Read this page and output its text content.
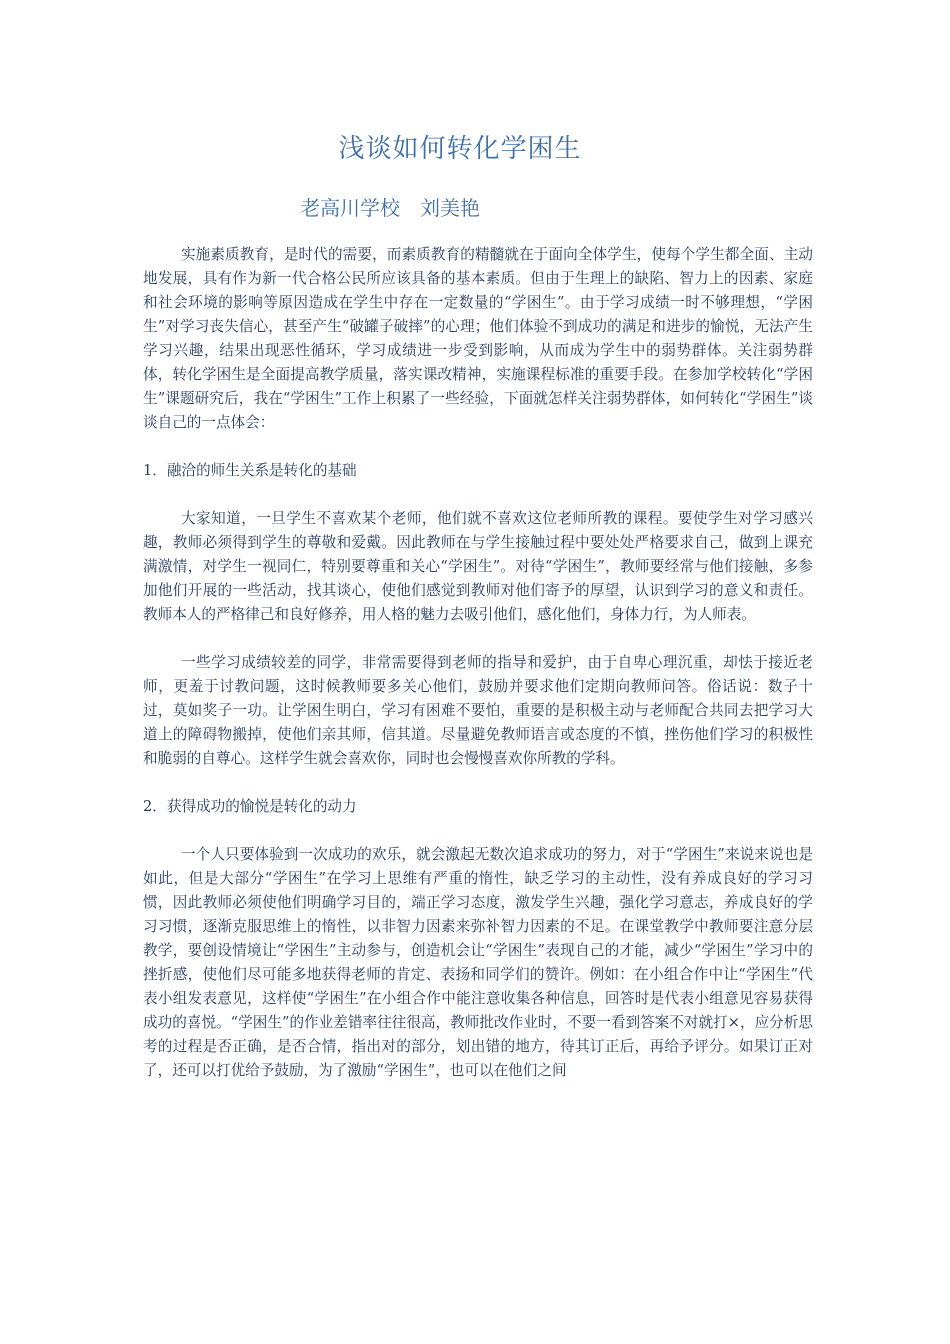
浅谈如何转化学困生
老高川学校　刘美艳

实施素质教育，是时代的需要，而素质教育的精髓就在于面向全体学生，使每个学生都全面、主动地发展，具有作为新一代合格公民所应该具备的基本素质。但由于生理上的缺陷、智力上的因素、家庭和社会环境的影响等原因造成在学生中存在一定数量的“学困生”。由于学习成绩一时不够理想，“学困生”对学习丧失信心，甚至产生“破罐子破摔”的心理；他们体验不到成功的满足和进步的愉悦，无法产生学习兴趣，结果出现恶性循环，学习成绩进一步受到影响，从而成为学生中的弱势群体。关注弱势群体，转化学困生是全面提高教学质量，落实课改精神，实施课程标准的重要手段。在参加学校转化“学困生”课题研究后，我在“学困生”工作上积累了一些经验，下面就怎样关注弱势群体，如何转化“学困生”谈谈自己的一点体会：

1．融洽的师生关系是转化的基础

大家知道，一旦学生不喜欢某个老师，他们就不喜欢这位老师所教的课程。要使学生对学习感兴趣，教师必须得到学生的尊敬和爱戴。因此教师在与学生接触过程中要处处严格要求自己，做到上课充满激情，对学生一视同仁，特别要尊重和关心“学困生”。对待“学困生”，教师要经常与他们接触，多参加他们开展的一些活动，找其谈心，使他们感觉到教师对他们寄予的厚望，认识到学习的意义和责任。教师本人的严格律己和良好修养，用人格的魅力去吸引他们，感化他们，身体力行，为人师表。

一些学习成绩较差的同学，非常需要得到老师的指导和爱护，由于自卑心理沉重，却怯于接近老师，更羞于讨教问题，这时候教师要多关心他们，鼓励并要求他们定期向教师问答。俗话说：数子十过，莫如奖子一功。让学困生明白，学习有困难不要怕，重要的是积极主动与老师配合共同去把学习大道上的障碍物搬掉，使他们亲其师，信其道。尽量避免教师语言或态度的不慎，挫伤他们学习的积极性和脆弱的自尊心。这样学生就会喜欢你，同时也会慢慢喜欢你所教的学科。

2．获得成功的愉悦是转化的动力

一个人只要体验到一次成功的欢乐，就会激起无数次追求成功的努力，对于“学困生”来说来说也是如此，但是大部分“学困生”在学习上思维有严重的惰性，缺乏学习的主动性，没有养成良好的学习习惯，因此教师必须使他们明确学习目的，端正学习态度，激发学生兴趣，强化学习意志，养成良好的学习习惯，逐渐克服思维上的惰性，以非智力因素来弥补智力因素的不足。在课堂教学中教师要注意分层教学，要创设情境让“学困生”主动参与，创造机会让“学困生”表现自己的才能，减少“学困生”学习中的挫折感，使他们尽可能多地获得老师的肯定、表扬和同学们的赞许。例如：在小组合作中让“学困生”代表小组发表意见，这样使“学困生”在小组合作中能注意收集各种信息，回答时是代表小组意见容易获得成功的喜悦。“学困生”的作业差错率往往很高，教师批改作业时，不要一看到答案不对就打×，应分析思考的过程是否正确，是否合情，指出对的部分，划出错的地方，待其订正后，再给予评分。如果订正对了，还可以打优给予鼓励，为了激励“学困生”，也可以在他们之间
